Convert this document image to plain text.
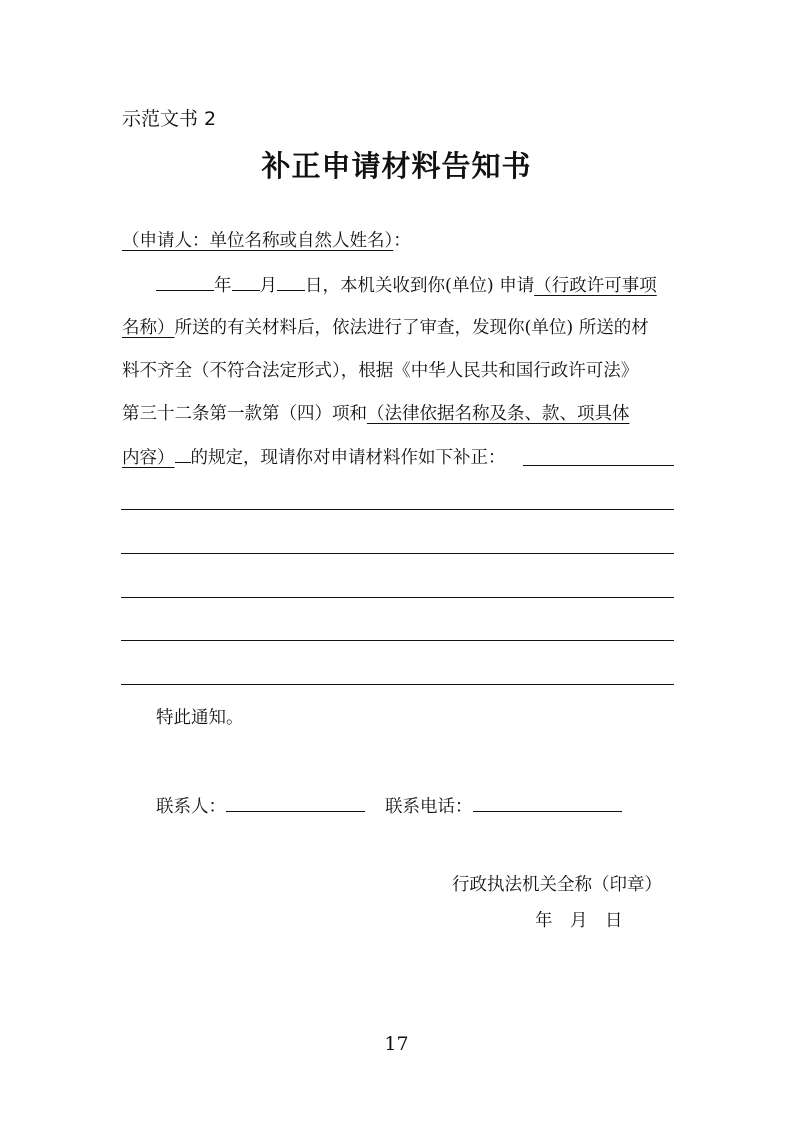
示范文书 2
补正申请材料告知书
（申请人：单位名称或自然人姓名）：
年 月 日，本机关收到你(单位) 申请（行政许可事项
名称）所送的有关材料后，依法进行了审查，发现你(单位) 所送的材
料不齐全（不符合法定形式），根据《中华人民共和国行政许可法》
第三十二条第一款第（四）项和（法律依据名称及条、款、项具体
内容） 的规定，现请你对申请材料作如下补正：
特此通知。
联系人：	联系电话：
行政执法机关全称（印章）
年　月　日
17
